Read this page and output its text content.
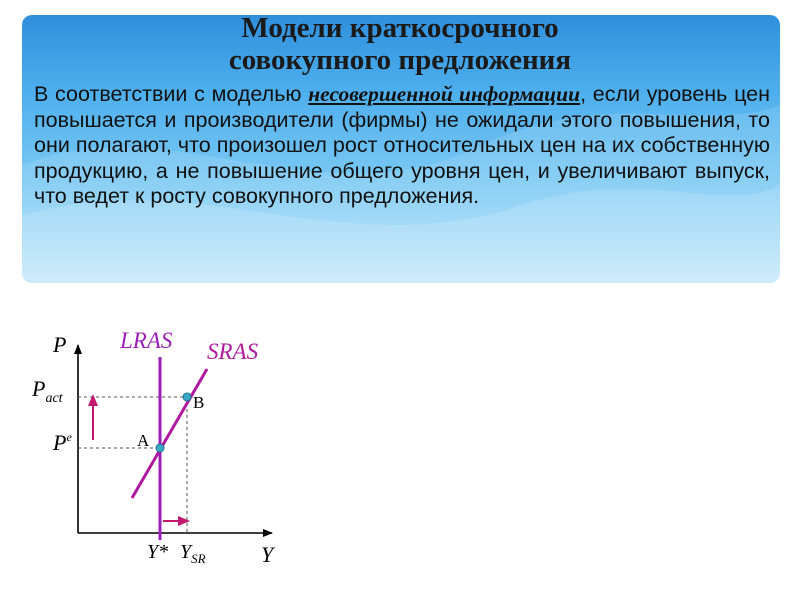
Модели краткосрочного
совокупного предложения
В соответствии с моделью несовершенной информации, если уровень цен повышается и производители (фирмы) не ожидали этого повышения, то они полагают, что произошел рост относительных цен на их собственную продукцию, а не повышение общего уровня цен, и увеличивают выпуск, что ведет к росту совокупного предложения.
P
Y
LRAS SRAS
$P_{act}$
$P^e$	A
B
Y* $Y_{SR}$
